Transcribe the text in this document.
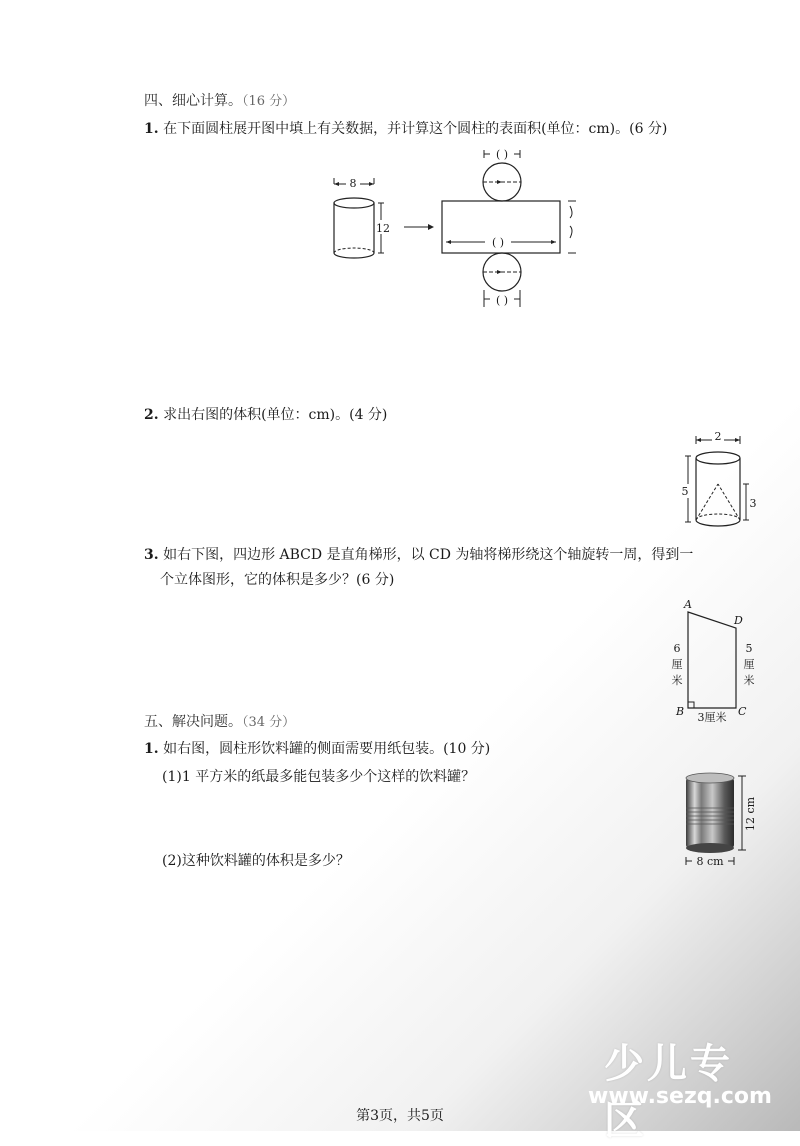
四、细心计算。（16 分）
1. 在下面圆柱展开图中填上有关数据，并计算这个圆柱的表面积(单位：cm)。(6 分)
8
12
( )
( )
( )
2. 求出右图的体积(单位：cm)。(4 分)
2
5
3
3. 如右下图，四边形 ABCD 是直角梯形，以 CD 为轴将梯形绕这个轴旋转一周，得到一
个立体图形，它的体积是多少？(6 分)
A
D
B	C
6
厘
米
5
厘
米
3厘米
五、解决问题。（34 分）
1. 如右图，圆柱形饮料罐的侧面需要用纸包装。(10 分)
(1)1 平方米的纸最多能包装多少个这样的饮料罐？
(2)这种饮料罐的体积是多少？
12 cm
8 cm
少儿专区
www.sezq.com
第3页，共5页
